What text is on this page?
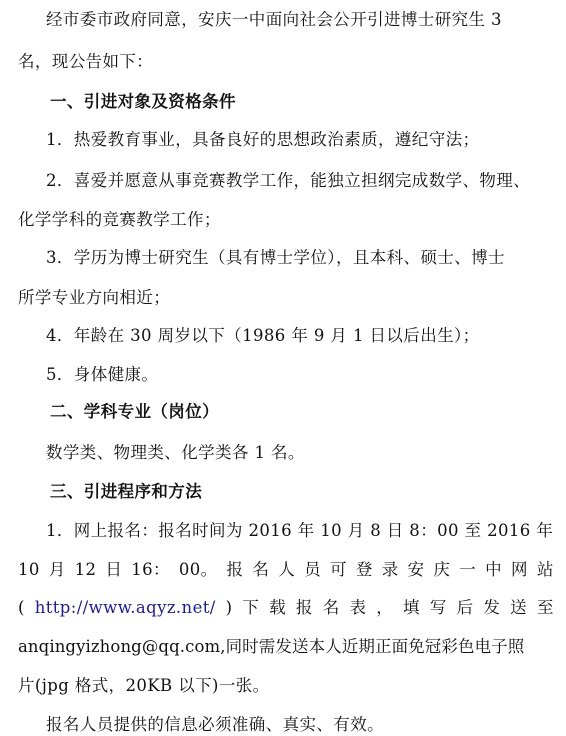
经市委市政府同意，安庆一中面向社会公开引进博士研究生 3
名，现公告如下：
一、引进对象及资格条件
1．热爱教育事业，具备良好的思想政治素质，遵纪守法；
2．喜爱并愿意从事竞赛教学工作，能独立担纲完成数学、物理、
化学学科的竞赛教学工作；
3．学历为博士研究生（具有博士学位），且本科、硕士、博士
所学专业方向相近；
4．年龄在 30 周岁以下（1986 年 9 月 1 日以后出生）；
5．身体健康。
二、学科专业（岗位）
数学类、物理类、化学类各 1 名。
三、引进程序和方法
1．网上报名：报名时间为 2016 年 10 月 8 日 8：00 至 2016 年
10 月 12 日 16： 00。 报 名 人 员 可 登 录 安 庆 一 中 网 站
( http://www.aqyz.net/ ) 下 载 报 名 表 ， 填 写 后 发 送 至
anqingyizhong@qq.com,同时需发送本人近期正面免冠彩色电子照
片(jpg 格式，20KB 以下)一张。
报名人员提供的信息必须准确、真实、有效。
